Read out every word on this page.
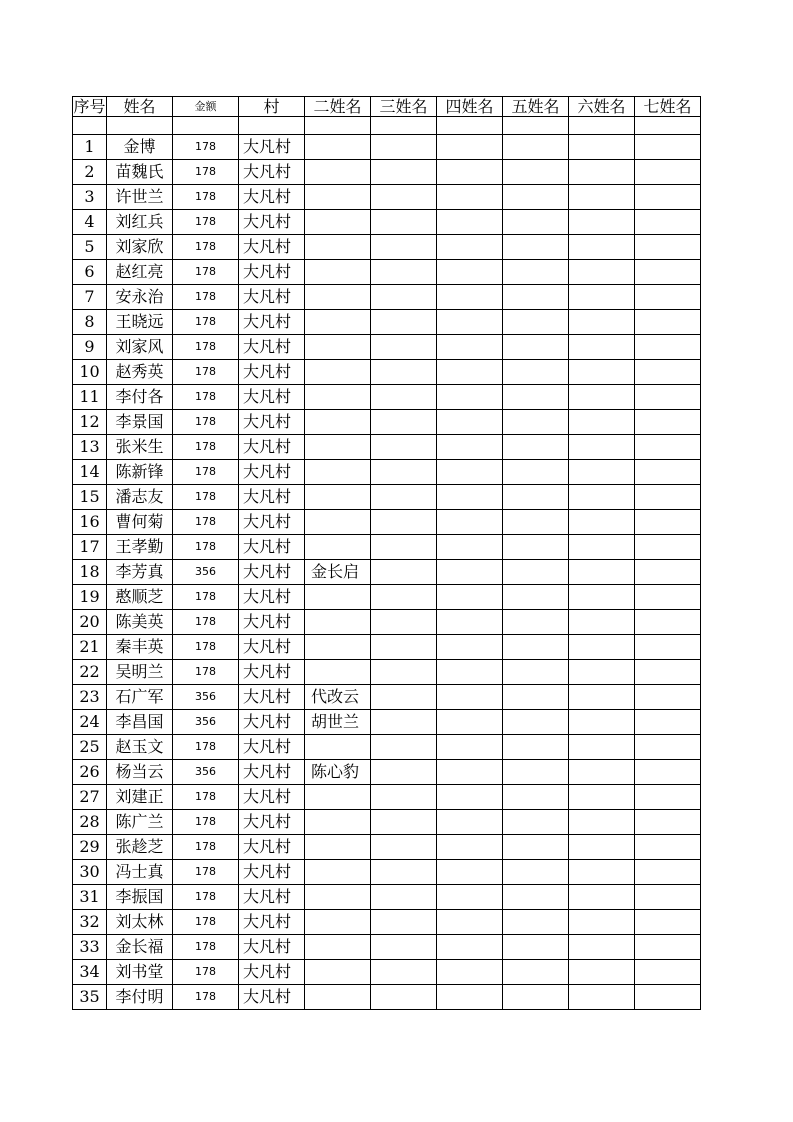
序号	姓名	金额	村	二姓名	三姓名	四姓名	五姓名	六姓名	七姓名

1	金博	178	大凡村						
2	苗魏氏	178	大凡村						
3	许世兰	178	大凡村						
4	刘红兵	178	大凡村						
5	刘家欣	178	大凡村						
6	赵红亮	178	大凡村						
7	安永治	178	大凡村						
8	王晓远	178	大凡村						
9	刘家风	178	大凡村						
10	赵秀英	178	大凡村						
11	李付各	178	大凡村						
12	李景国	178	大凡村						
13	张米生	178	大凡村						
14	陈新锋	178	大凡村						
15	潘志友	178	大凡村						
16	曹何菊	178	大凡村						
17	王孝勤	178	大凡村						
18	李芳真	356	大凡村	金长启					
19	憨顺芝	178	大凡村						
20	陈美英	178	大凡村						
21	秦丰英	178	大凡村						
22	吴明兰	178	大凡村						
23	石广军	356	大凡村	代改云					
24	李昌国	356	大凡村	胡世兰					
25	赵玉文	178	大凡村						
26	杨当云	356	大凡村	陈心豹					
27	刘建正	178	大凡村						
28	陈广兰	178	大凡村						
29	张趁芝	178	大凡村						
30	冯士真	178	大凡村						
31	李振国	178	大凡村						
32	刘太林	178	大凡村						
33	金长福	178	大凡村						
34	刘书堂	178	大凡村						
35	李付明	178	大凡村						
